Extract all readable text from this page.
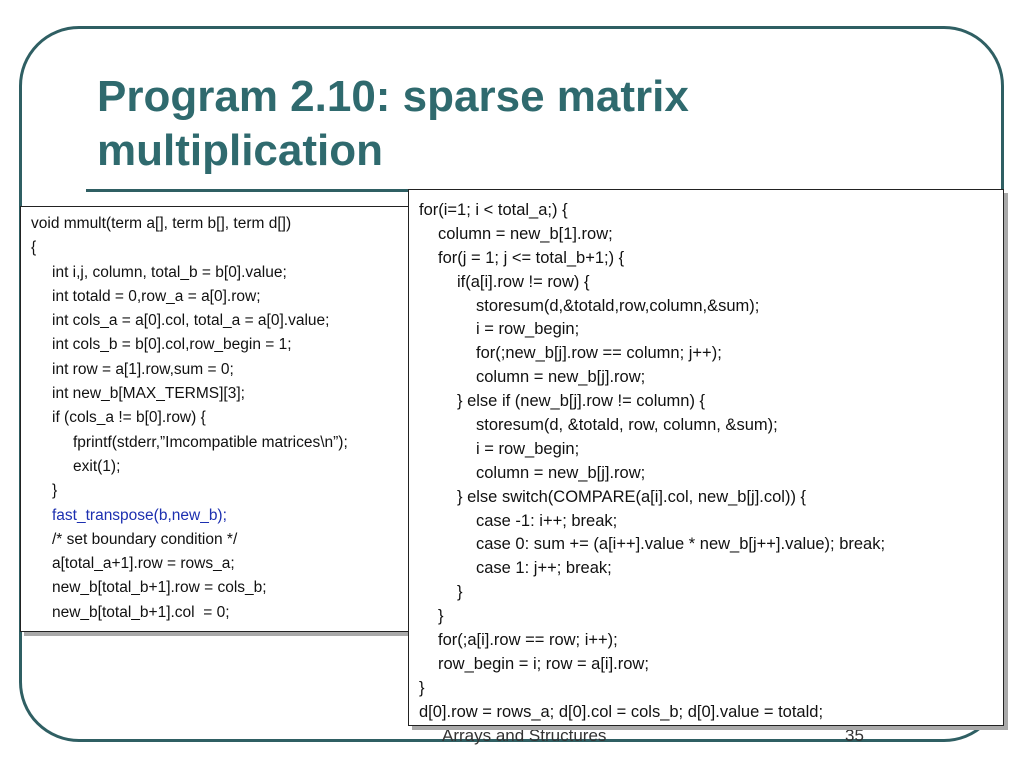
Program 2.10: sparse matrix multiplication
Arrays and Structures	35
void mmult(term a[], term b[], term d[])
{
int i,j, column, total_b = b[0].value;
int totald = 0,row_a = a[0].row;
int cols_a = a[0].col, total_a = a[0].value;
int cols_b = b[0].col,row_begin = 1;
int row = a[1].row,sum = 0;
int new_b[MAX_TERMS][3];
if (cols_a != b[0].row) {
fprintf(stderr,”Imcompatible matrices\n”);
exit(1);
}
fast_transpose(b,new_b);
/* set boundary condition */
a[total_a+1].row = rows_a;
new_b[total_b+1].row = cols_b;
new_b[total_b+1].col  = 0;
for(i=1; i < total_a;) {
column = new_b[1].row;
for(j = 1; j <= total_b+1;) {
if(a[i].row != row) {
storesum(d,&totald,row,column,&sum);
i = row_begin;
for(;new_b[j].row == column; j++);
column = new_b[j].row;
} else if (new_b[j].row != column) {
storesum(d, &totald, row, column, &sum);
i = row_begin;
column = new_b[j].row;
} else switch(COMPARE(a[i].col, new_b[j].col)) {
case -1: i++; break;
case 0: sum += (a[i++].value * new_b[j++].value); break;
case 1: j++; break;
}
}
for(;a[i].row == row; i++);
row_begin = i; row = a[i].row;
}
d[0].row = rows_a; d[0].col = cols_b; d[0].value = totald;
